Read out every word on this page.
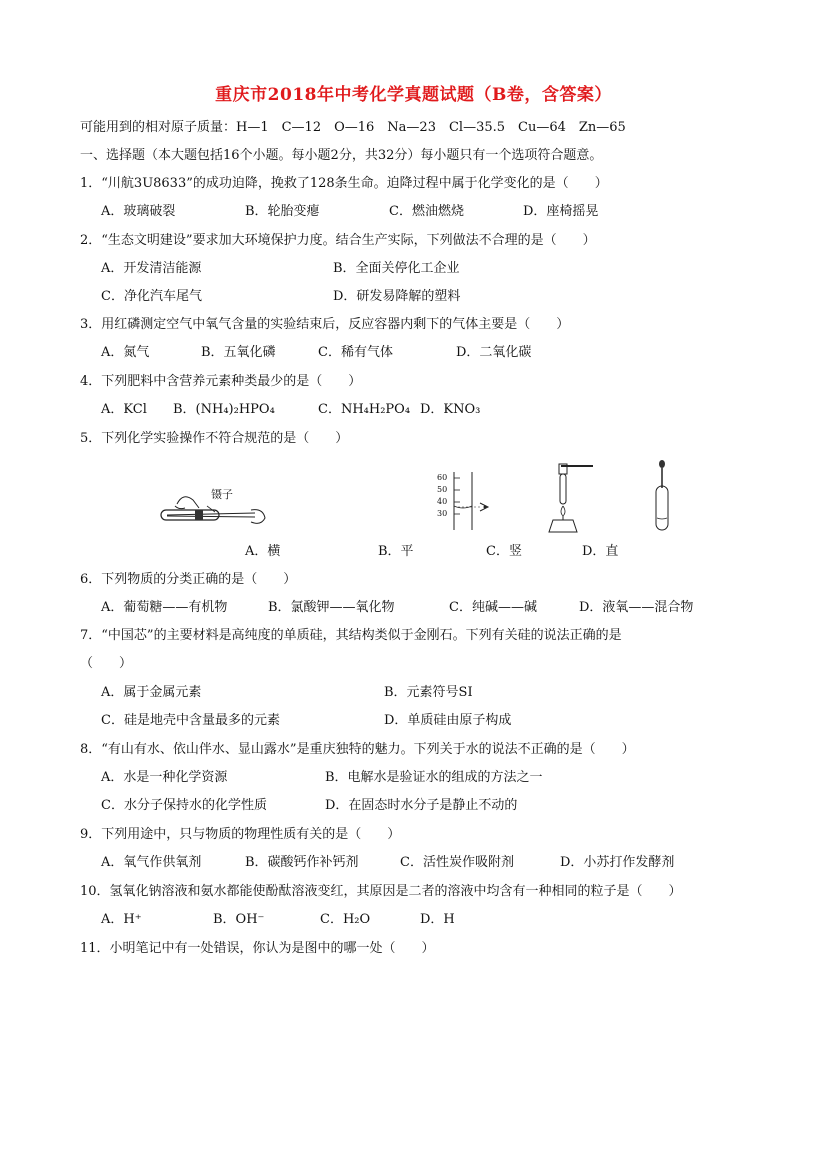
重庆市2018年中考化学真题试题（B卷，含答案）
可能用到的相对原子质量：H—1　C—12　O—16　Na—23　Cl—35.5　Cu—64　Zn—65
一、选择题（本大题包括16个小题。每小题2分，共32分）每小题只有一个选项符合题意。
1．“川航3U8633”的成功迫降，挽救了128条生命。迫降过程中属于化学变化的是（　　）
A．玻璃破裂	B．轮胎变瘪	C．燃油燃烧	D．座椅摇晃
2．“生态文明建设”要求加大环境保护力度。结合生产实际，下列做法不合理的是（　　）
A．开发清洁能源	B．全面关停化工企业
C．净化汽车尾气	D．研发易降解的塑料
3．用红磷测定空气中氧气含量的实验结束后，反应容器内剩下的气体主要是（　　）
A．氮气	B．五氧化磷	C．稀有气体	D．二氧化碳
4．下列肥料中含营养元素种类最少的是（　　）
A．KCl B．(NH₄)₂HPO₄	C．NH₄H₂PO₄ D．KNO₃
5．下列化学实验操作不符合规范的是（　　）
镊子
60
50
40
30
A．横	B．平	C．竖	D．直
6．下列物质的分类正确的是（　　）
A．葡萄糖——有机物	B．氯酸钾——氧化物	C．纯碱——碱	D．液氧——混合物
7．“中国芯”的主要材料是高纯度的单质硅，其结构类似于金刚石。下列有关硅的说法正确的是
（　　）
A．属于金属元素	B．元素符号SI
C．硅是地壳中含量最多的元素	D．单质硅由原子构成
8．“有山有水、依山伴水、显山露水”是重庆独特的魅力。下列关于水的说法不正确的是（　　）
A．水是一种化学资源	B．电解水是验证水的组成的方法之一
C．水分子保持水的化学性质	D．在固态时水分子是静止不动的
9．下列用途中，只与物质的物理性质有关的是（　　）
A．氧气作供氧剂	B．碳酸钙作补钙剂	C．活性炭作吸附剂	D．小苏打作发酵剂
10．氢氧化钠溶液和氨水都能使酚酞溶液变红，其原因是二者的溶液中均含有一种相同的粒子是（　　）
A．H⁺	B．OH⁻	C．H₂O	D．H
11．小明笔记中有一处错误，你认为是图中的哪一处（　　）
